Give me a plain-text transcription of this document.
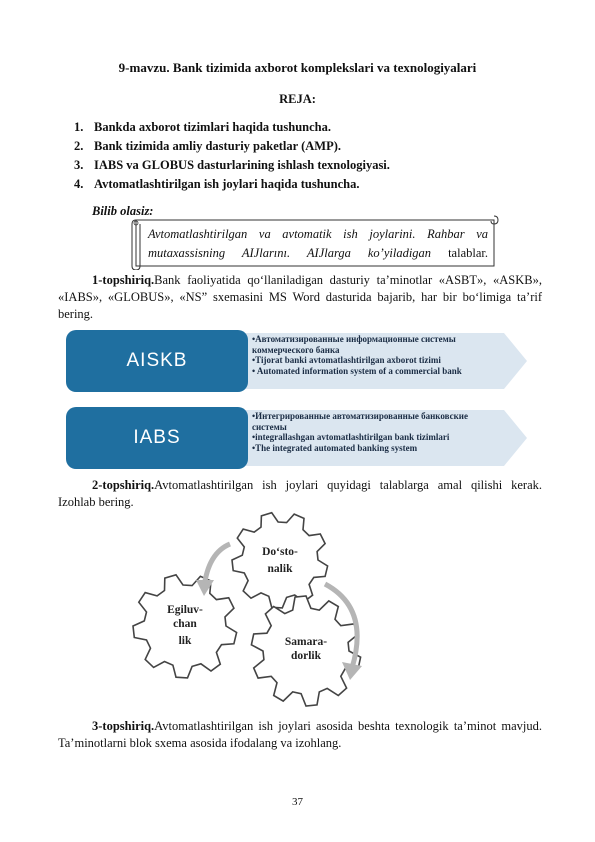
9-mavzu. Bank tizimida axborot komplekslari va texnologiyalari
REJA:
1. Bankda axborot tizimlari haqida tushuncha.
2. Bank tizimida amliy dasturiy paketlar (AMP).
3. IABS va GLOBUS dasturlarining ishlash texnologiyasi.
4. Avtomatlashtirilgan ish joylari haqida tushuncha.
Bilib olasiz:
Avtomatlashtirilgan va avtomatik ish joylarini. Rahbar va mutaxassisning AIJlarını. AIJlarga ko’yiladigan talablar.
1-topshiriq.Bank faoliyatida qo‘llaniladigan dasturiy ta’minotlar «ASBT», «ASKB», «IABS», «GLOBUS», «NS” sxemasini MS Word dasturida bajarib, har bir bo‘limiga ta’rif bering.
AISKB
•Автоматизированные информационные системы
коммерческого банка
•Tijorat banki avtomatlashtirilgan axborot tizimi
• Automated information system of a commercial bank
IABS
•Интегрированные автоматизированные банковские
системы
•integrallashgan avtomatlashtirilgan bank tizimlari
•The integrated automated banking system
2-topshiriq.Avtomatlashtirilgan ish joylari quyidagi talablarga amal qilishi kerak. Izohlab bering.
Do‘sto-
nalik
Egiluv-
chan
lik	Samara-
dorlik
3-topshiriq.Avtomatlashtirilgan ish joylari asosida beshta texnologik ta’minot mavjud. Ta’minotlarni blok sxema asosida ifodalang va izohlang.
37
